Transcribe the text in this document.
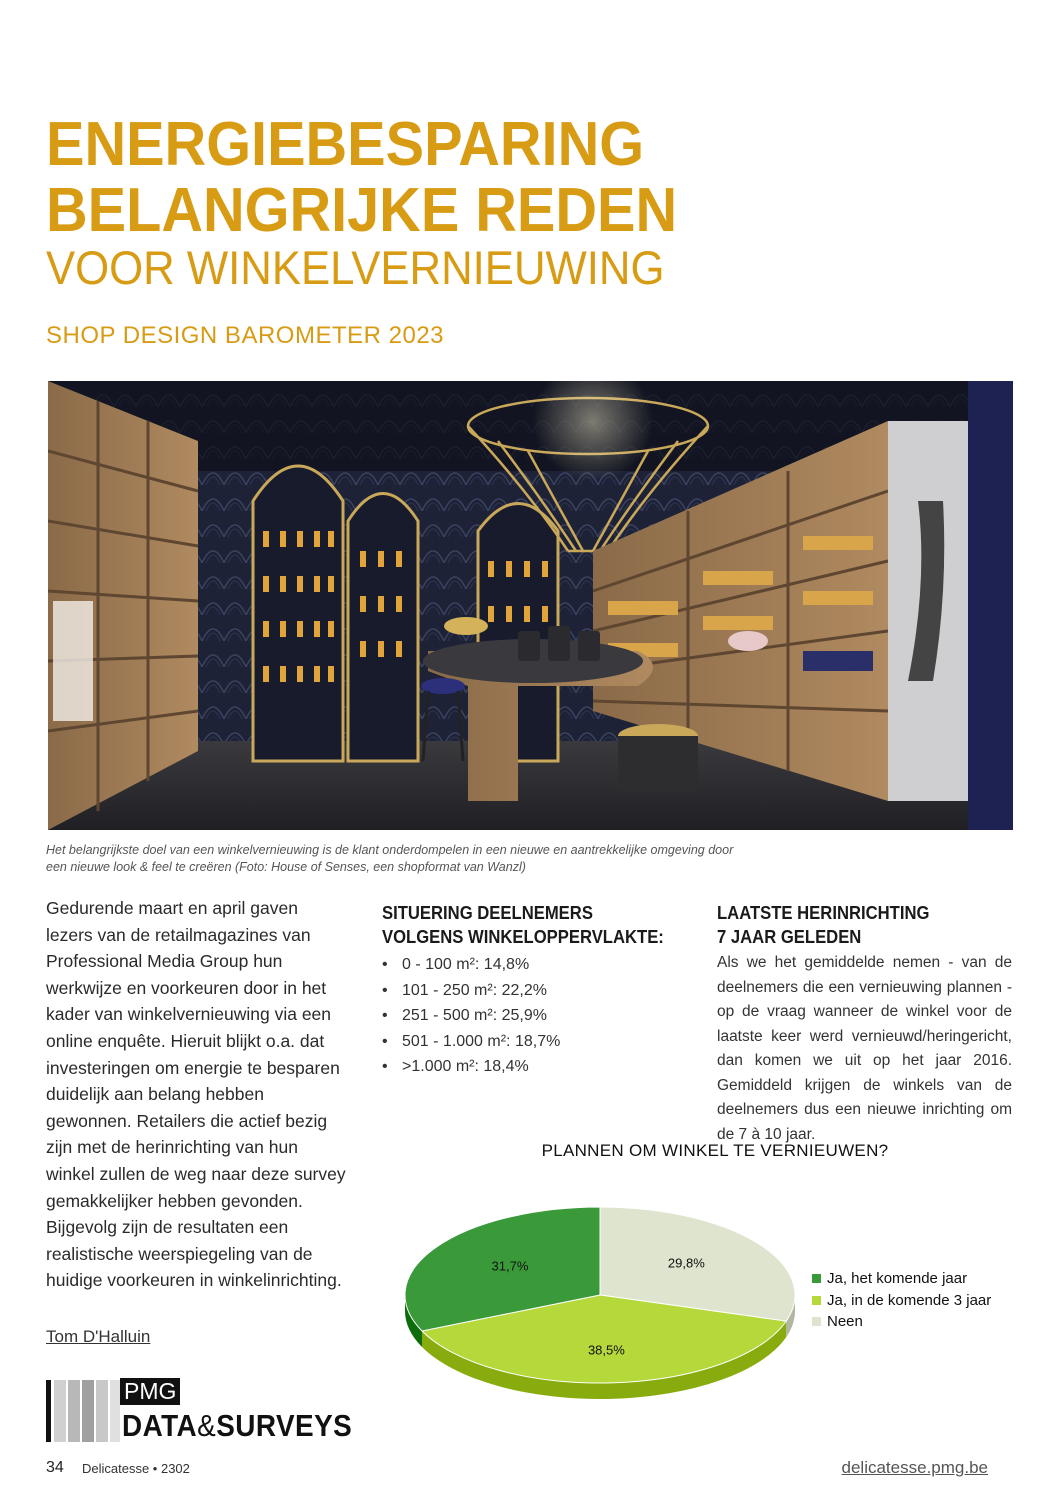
ENERGIEBESPARING
BELANGRIJKE REDEN
VOOR WINKELVERNIEUWING
SHOP DESIGN BAROMETER 2023
Het belangrijkste doel van een winkelvernieuwing is de klant onderdompelen in een nieuwe en aantrekkelijke omgeving door een nieuwe look & feel te creëren (Foto: House of Senses, een shopformat van Wanzl)
Gedurende maart en april gaven lezers van de retailmagazines van Professional Media Group hun werkwijze en voorkeuren door in het kader van winkelvernieuwing via een online enquête. Hieruit blijkt o.a. dat investeringen om energie te besparen duidelijk aan belang hebben gewonnen. Retailers die actief bezig zijn met de herinrichting van hun winkel zullen de weg naar deze survey gemakkelijker hebben gevonden. Bijgevolg zijn de resultaten een realistische weerspiegeling van de huidige voorkeuren in winkelinrichting.
Tom D'Halluin
PMG
DATA&SURVEYS
SITUERING DEELNEMERS
VOLGENS WINKELOPPERVLAKTE:
• 0 - 100 m²: 14,8%
• 101 - 250 m²: 22,2%
• 251 - 500 m²: 25,9%
• 501 - 1.000 m²: 18,7%
• >1.000 m²: 18,4%
LAATSTE HERINRICHTING
7 JAAR GELEDEN
Als we het gemiddelde nemen - van de deelnemers die een vernieuwing plannen - op de vraag wanneer de winkel voor de laatste keer werd vernieuwd/heringericht, dan komen we uit op het jaar 2016. Gemiddeld krijgen de winkels van de deelnemers dus een nieuwe inrichting om de 7 à 10 jaar.
PLANNEN OM WINKEL TE VERNIEUWEN?
29,8%
38,5%
31,7%
Ja, het komende jaar
Ja, in de komende 3 jaar
Neen
34 Delicatesse • 2302	delicatesse.pmg.be
